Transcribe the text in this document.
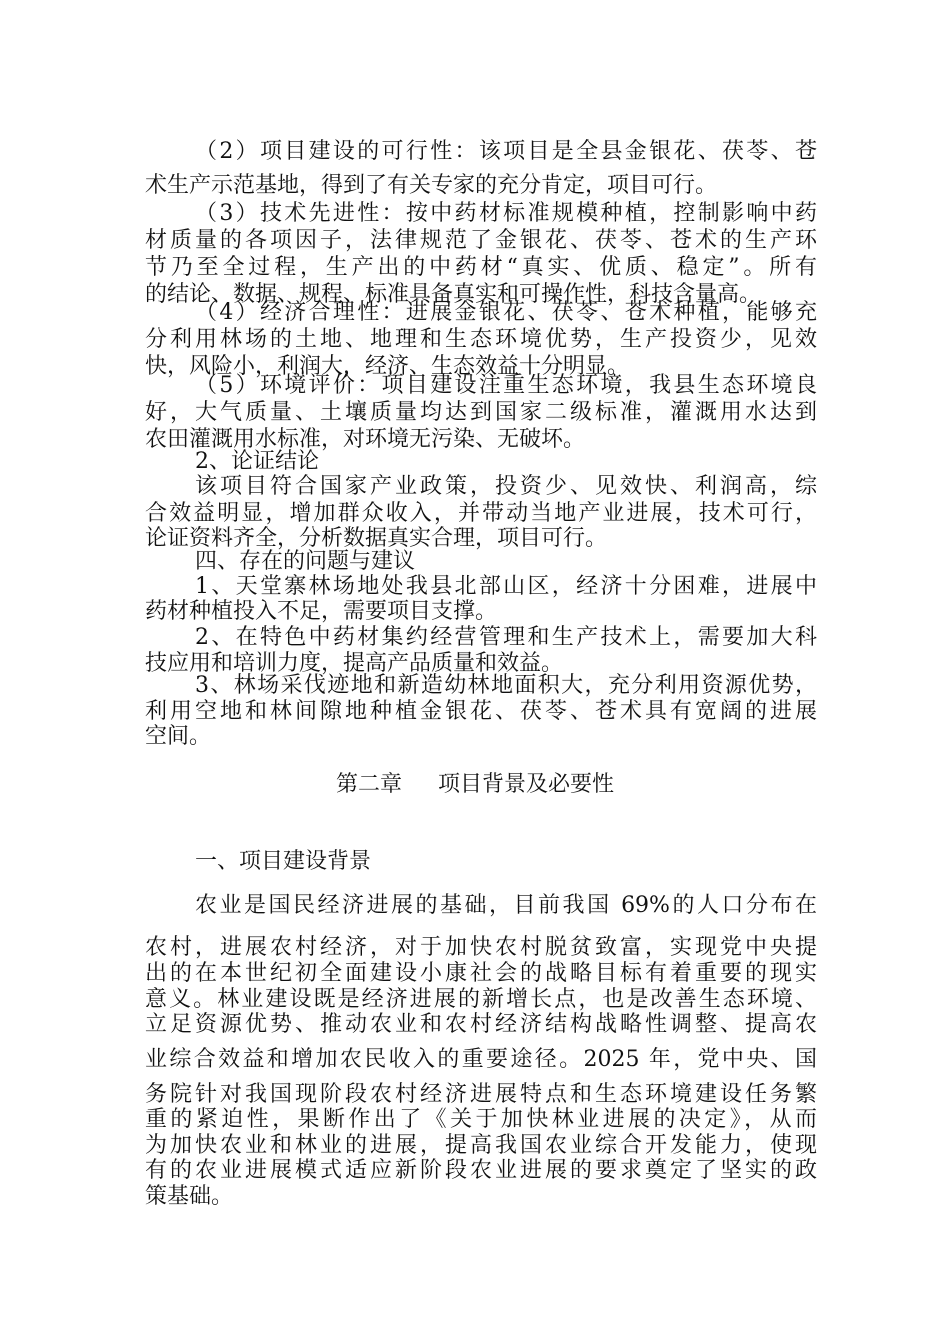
（2）项目建设的可行性：该项目是全县金银花、茯苓、苍
术生产示范基地，得到了有关专家的充分肯定，项目可行。
（3）技术先进性：按中药材标准规模种植，控制影响中药
材质量的各项因子，法律规范了金银花、茯苓、苍术的生产环
节乃至全过程，生产出的中药材“真实、优质、稳定”。所有
的结论、数据、规程、标准具备真实和可操作性，科技含量高。
（4）经济合理性：进展金银花、茯苓、苍术种植，能够充
分利用林场的土地、地理和生态环境优势，生产投资少，见效
快，风险小，利润大，经济、生态效益十分明显。
（5）环境评价：项目建设注重生态环境，我县生态环境良
好，大气质量、土壤质量均达到国家二级标准，灌溉用水达到
农田灌溉用水标准，对环境无污染、无破坏。
2、论证结论
该项目符合国家产业政策，投资少、见效快、利润高，综
合效益明显，增加群众收入，并带动当地产业进展，技术可行，
论证资料齐全，分析数据真实合理，项目可行。
四、存在的问题与建议
1、天堂寨林场地处我县北部山区，经济十分困难，进展中
药材种植投入不足，需要项目支撑。
2、在特色中药材集约经营管理和生产技术上，需要加大科
技应用和培训力度，提高产品质量和效益。
3、林场采伐迹地和新造幼林地面积大，充分利用资源优势，
利用空地和林间隙地种植金银花、茯苓、苍术具有宽阔的进展
空间。
第二章 项目背景及必要性
一、项目建设背景
农业是国民经济进展的基础，目前我国 69%的人口分布在
农村，进展农村经济，对于加快农村脱贫致富，实现党中央提
出的在本世纪初全面建设小康社会的战略目标有着重要的现实
意义。林业建设既是经济进展的新增长点，也是改善生态环境、
立足资源优势、推动农业和农村经济结构战略性调整、提高农
业综合效益和增加农民收入的重要途径。2025 年，党中央、国
务院针对我国现阶段农村经济进展特点和生态环境建设任务繁
重的紧迫性，果断作出了《关于加快林业进展的决定》，从而
为加快农业和林业的进展，提高我国农业综合开发能力，使现
有的农业进展模式适应新阶段农业进展的要求奠定了坚实的政
策基础。
